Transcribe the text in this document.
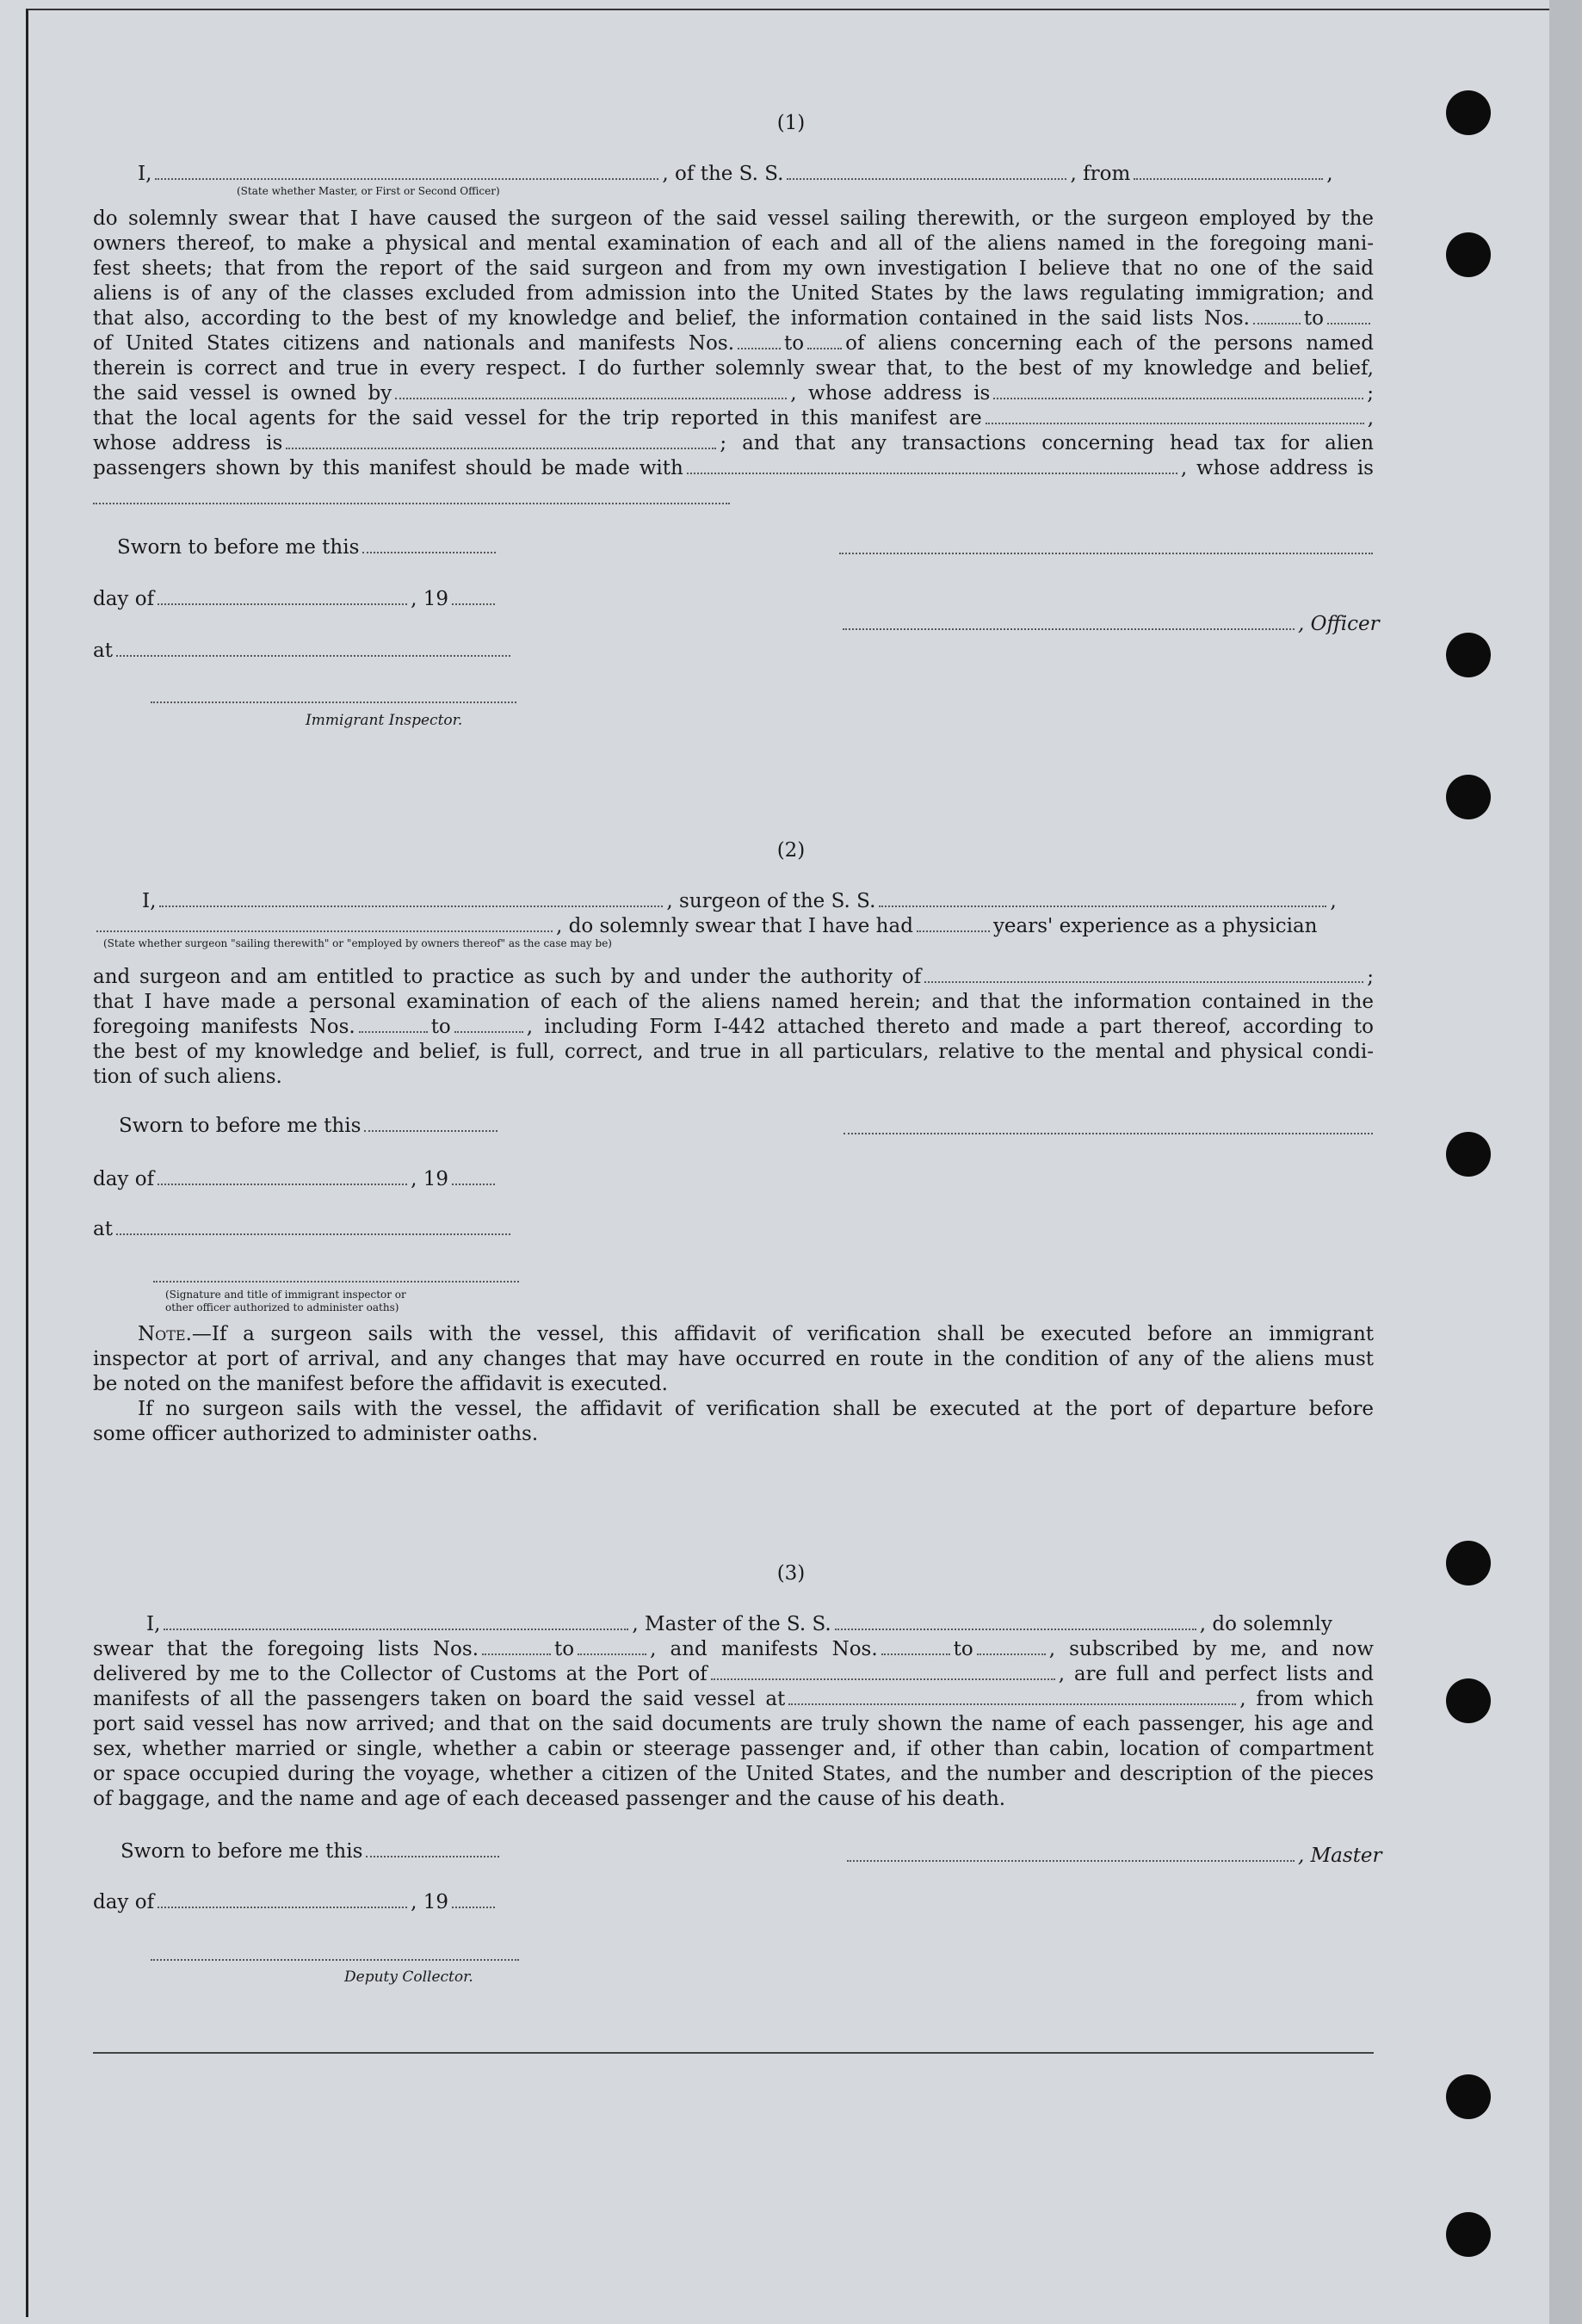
(1)
I,	, of the S. S.	, from	,
(State whether Master, or First or Second Officer)
do solemnly swear that I have caused the surgeon of the said vessel sailing therewith, or the surgeon employed by the
owners thereof, to make a physical and mental examination of each and all of the aliens named in the foregoing mani-
fest sheets; that from the report of the said surgeon and from my own investigation I believe that no one of the said
aliens is of any of the classes excluded from admission into the United States by the laws regulating immigration; and
that also, according to the best of my knowledge and belief, the information contained in the said lists Nos.	to
of United States citizens and nationals and manifests Nos.	to of aliens concerning each of the persons named
therein is correct and true in every respect. I do further solemnly swear that, to the best of my knowledge and belief,
the said vessel is owned by	, whose address is	;
that the local agents for the said vessel for the trip reported in this manifest are	,
whose address is	; and that any transactions concerning head tax for alien
passengers shown by this manifest should be made with	, whose address is
Sworn to before me this
day of	, 19
, Officer
at
Immigrant Inspector.
(2)
I,	, surgeon of the S. S.	,
, do solemnly swear that I have had	years' experience as a physician
(State whether surgeon "sailing therewith" or "employed by owners thereof" as the case may be)
and surgeon and am entitled to practice as such by and under the authority of	;
that I have made a personal examination of each of the aliens named herein; and that the information contained in the
foregoing manifests Nos.	to	, including Form I-442 attached thereto and made a part thereof, according to
the best of my knowledge and belief, is full, correct, and true in all particulars, relative to the mental and physical condi-
tion of such aliens.
Sworn to before me this
day of	, 19
at
(Signature and title of immigrant inspector or
other officer authorized to administer oaths)
Note.—If a surgeon sails with the vessel, this affidavit of verification shall be executed before an immigrant
inspector at port of arrival, and any changes that may have occurred en route in the condition of any of the aliens must
be noted on the manifest before the affidavit is executed.
If no surgeon sails with the vessel, the affidavit of verification shall be executed at the port of departure before
some officer authorized to administer oaths.
(3)
I,	, Master of the S. S.	, do solemnly
swear that the foregoing lists Nos.	to	, and manifests Nos.	to	, subscribed by me, and now
delivered by me to the Collector of Customs at the Port of	, are full and perfect lists and
manifests of all the passengers taken on board the said vessel at	, from which
port said vessel has now arrived; and that on the said documents are truly shown the name of each passenger, his age and
sex, whether married or single, whether a cabin or steerage passenger and, if other than cabin, location of compartment
or space occupied during the voyage, whether a citizen of the United States, and the number and description of the pieces
of baggage, and the name and age of each deceased passenger and the cause of his death.
Sworn to before me this	, Master
day of	, 19
Deputy Collector.
